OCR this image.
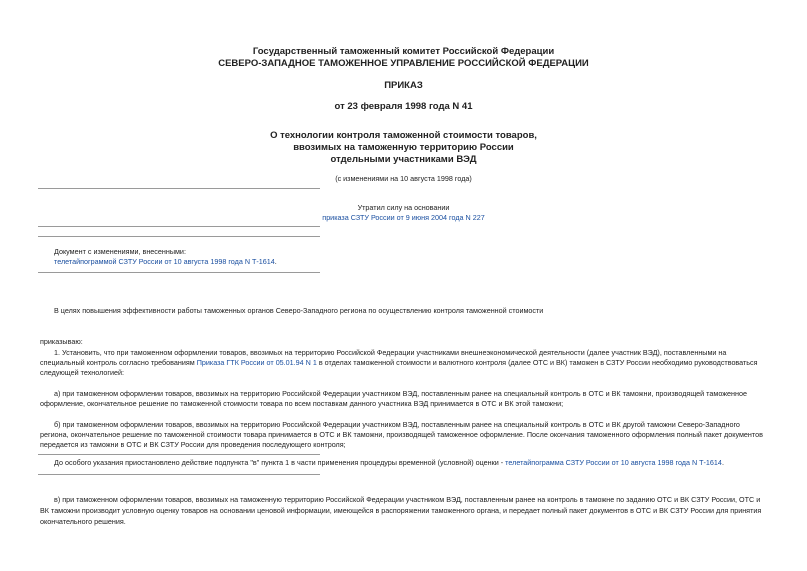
Государственный таможенный комитет Российской Федерации
СЕВЕРО-ЗАПАДНОЕ ТАМОЖЕННОЕ УПРАВЛЕНИЕ РОССИЙСКОЙ ФЕДЕРАЦИИ
ПРИКАЗ
от 23 февраля 1998 года N 41
О технологии контроля таможенной стоимости товаров,
ввозимых на таможенную территорию России
отдельными участниками ВЭД
(с изменениями на 10 августа 1998 года)
Утратил силу на основании
приказа СЗТУ России от 9 июня 2004 года N 227
Документ с изменениями, внесенными:
телетайпограммой СЗТУ России от 10 августа 1998 года N Т-1614.
В целях повышения эффективности работы таможенных органов Северо-Западного региона по осуществлению контроля таможенной стоимости
приказываю:
1. Установить, что при таможенном оформлении товаров, ввозимых на территорию Российской Федерации участниками внешнеэкономической деятельности (далее участник ВЭД), поставленными на
специальный контроль согласно требованиям Приказа ГТК России от 05.01.94 N 1 в отделах таможенной стоимости и валютного контроля (далее ОТС и ВК) таможен в СЗТУ России необходимо руководствоваться
следующей технологией:
а) при таможенном оформлении товаров, ввозимых на территорию Российской Федерации участником ВЭД, поставленным ранее на специальный контроль в ОТС и ВК таможни, производящей таможенное
оформление, окончательное решение по таможенной стоимости товара по всем поставкам данного участника ВЭД принимается в ОТС и ВК этой таможни;
б) при таможенном оформлении товаров, ввозимых на территорию Российской Федерации участником ВЭД, поставленным ранее на специальный контроль в ОТС и ВК другой таможни Северо-Западного
региона, окончательное решение по таможенной стоимости товара принимается в ОТС и ВК таможни, производящей таможенное оформление. После окончания таможенного оформления полный пакет документов
передается из таможни в ОТС и ВК СЗТУ России для проведения последующего контроля;
До особого указания приостановлено действие подпункта "в" пункта 1 в части применения процедуры временной (условной) оценки - телетайпограмма СЗТУ России от 10 августа 1998 года N Т-1614.
в) при таможенном оформлении товаров, ввозимых на таможенную территорию Российской Федерации участником ВЭД, поставленным ранее на контроль в таможне по заданию ОТС и ВК СЗТУ России, ОТС и
ВК таможни производит условную оценку товаров на основании ценовой информации, имеющейся в распоряжении таможенного органа, и передает полный пакет документов в ОТС и ВК СЗТУ России для принятия
окончательного решения.
